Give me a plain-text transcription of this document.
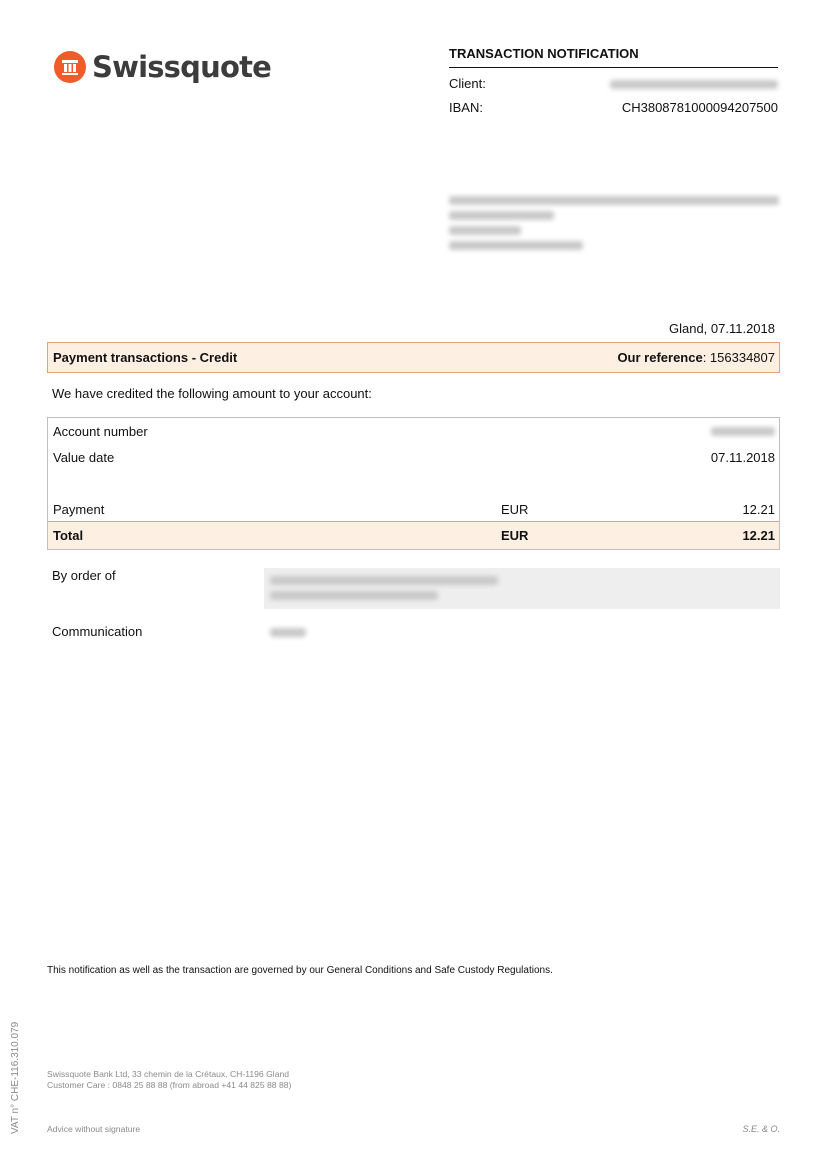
Swissquote	TRANSACTION NOTIFICATION
Client:
IBAN:	CH3808781000094207500
Gland, 07.11.2018
Payment transactions - Credit	Our reference: 156334807
We have credited the following amount to your account:
Account number
Value date	07.11.2018
Payment	EUR	12.21
Total	EUR	12.21
By order of
Communication
This notification as well as the transaction are governed by our General Conditions and Safe Custody Regulations.
VAT n° CHE-116.310.079	Swissquote Bank Ltd, 33 chemin de la Crétaux, CH-1196 Gland
Customer Care : 0848 25 88 88 (from abroad +41 44 825 88 88)
Advice without signature	S.E. & O.
